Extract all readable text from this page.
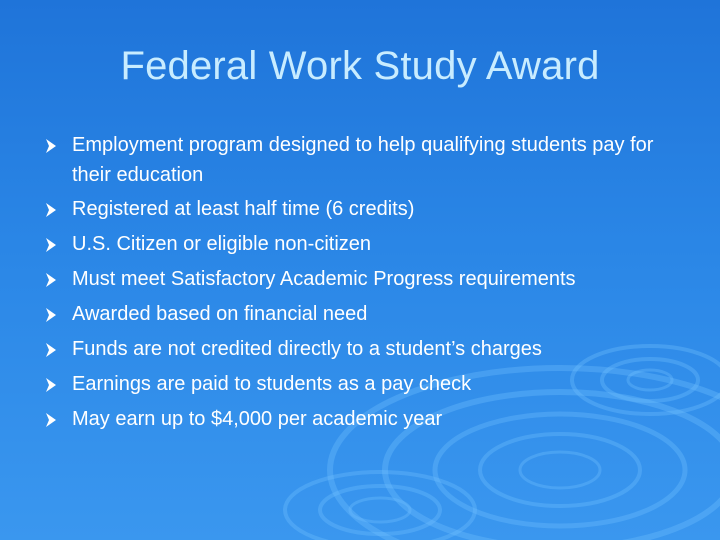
Federal Work Study Award
Employment program designed to help qualifying students pay for their education
Registered at least half time (6 credits)
U.S. Citizen or eligible non-citizen
Must meet Satisfactory Academic Progress requirements
Awarded based on financial need
Funds are not credited directly to a student’s charges
Earnings are paid to students as a pay check
May earn up to $4,000 per academic year
